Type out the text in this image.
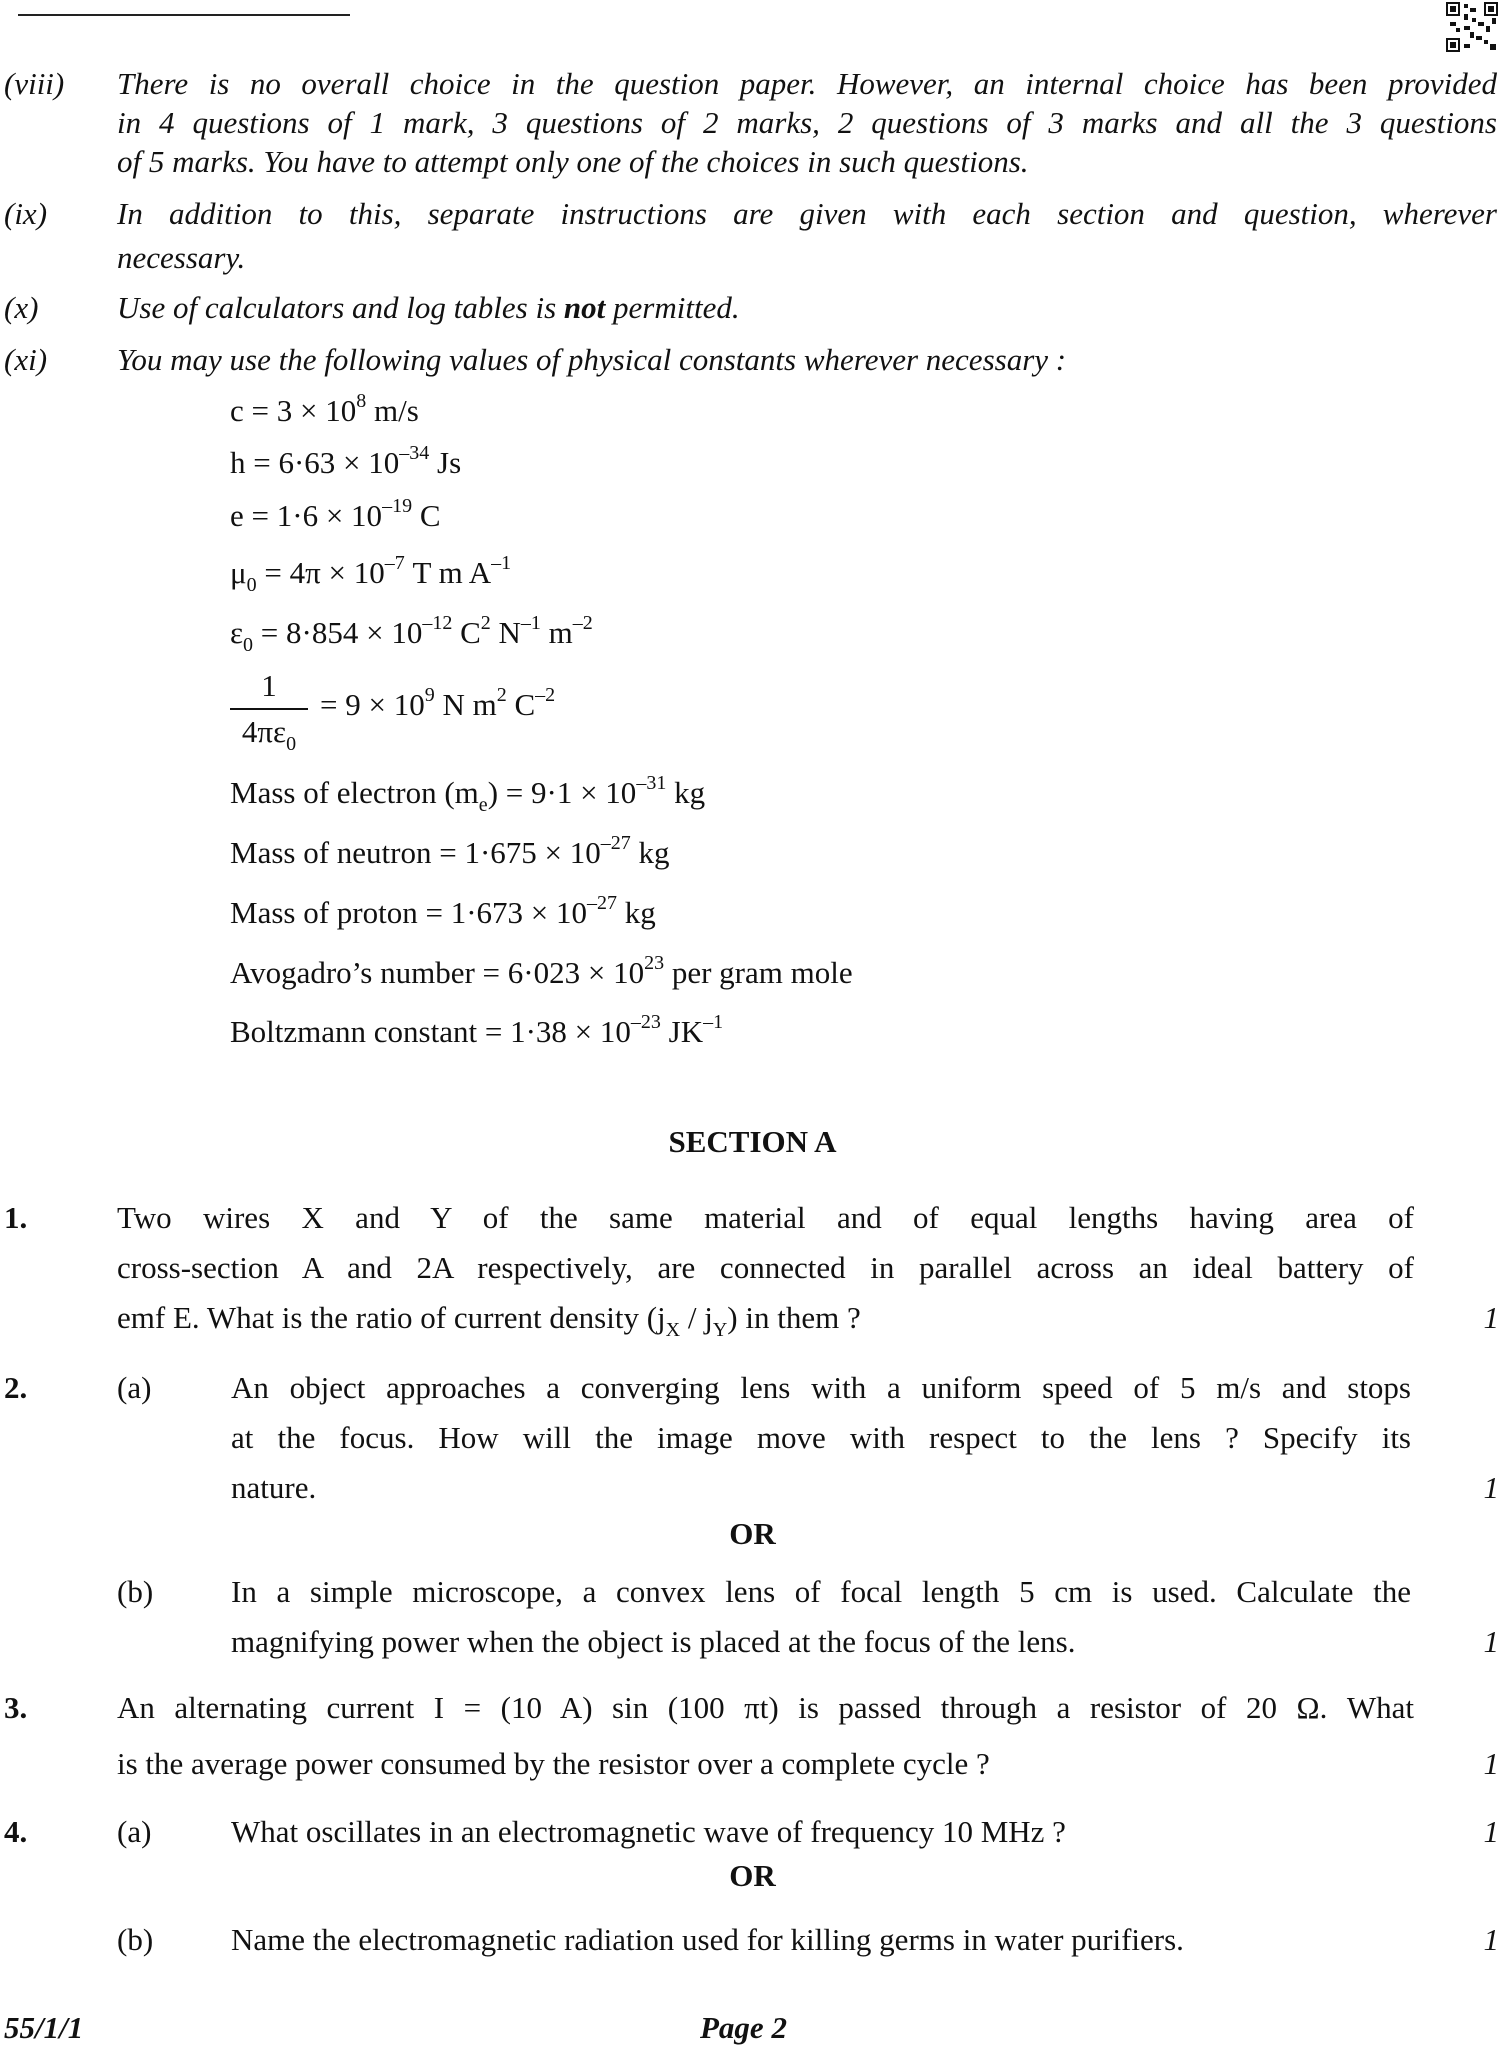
(viii) There is no overall choice in the question paper. However, an internal choice has been provided
in 4 questions of 1 mark, 3 questions of 2 marks, 2 questions of 3 marks and all the 3 questions
of 5 marks. You have to attempt only one of the choices in such questions.
(ix) In addition to this, separate instructions are given with each section and question, wherever
necessary.
(x)	Use of calculators and log tables is not permitted.
(xi) You may use the following values of physical constants wherever necessary :
$c = 3 \times 10^8$ m/s
$h = 6\cdot 63 \times 10^{-34}$ Js
$e = 1\cdot 6 \times 10^{-19}$ C
$\mu_0 = 4\pi \times 10^{-7}$ T m $A^{-1}$
$\varepsilon_0 = 8\cdot 854 \times 10^{-12}$ $C^2$ $N^{-1}$ $m^{-2}$
1
$4\pi\varepsilon_0$
= $9 \times 10^9$ N $m^2$ $C^{-2}$
Mass of electron $(m_e) = 9\cdot 1 \times 10^{-31}$ kg
Mass of neutron = $1\cdot 675 \times 10^{-27}$ kg
Mass of proton = $1\cdot 673 \times 10^{-27}$ kg
Avogadro’s number = $6\cdot 023 \times 10^{23}$ per gram mole
Boltzmann constant = $1\cdot 38 \times 10^{-23}$ $JK^{-1}$
SECTION A
1.	Two wires X and Y of the same material and of equal lengths having area of
cross-section A and 2A respectively, are connected in parallel across an ideal battery of
emf E. What is the ratio of current density $(j_X / j_Y)$ in them ?	1
2.	(a)	An object approaches a converging lens with a uniform speed of 5 m/s and stops
at the focus. How will the image move with respect to the lens ? Specify its
nature.	1
OR
(b)	In a simple microscope, a convex lens of focal length 5 cm is used. Calculate the
magnifying power when the object is placed at the focus of the lens.	1
3.	An alternating current I = (10 A) sin (100 πt) is passed through a resistor of 20 Ω. What
is the average power consumed by the resistor over a complete cycle ?	1
4.	(a)	What oscillates in an electromagnetic wave of frequency 10 MHz ?	1
OR
(b)	Name the electromagnetic radiation used for killing germs in water purifiers.	1
55/1/1	Page 2
